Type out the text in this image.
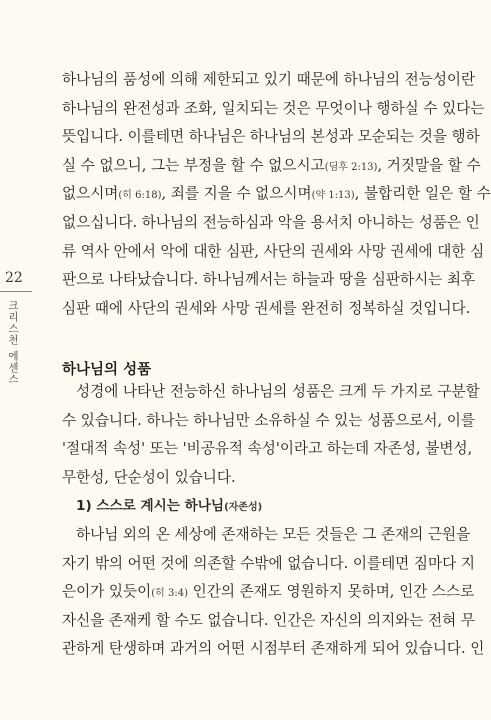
22
크리스천 에센스
하나님의 품성에 의해 제한되고 있기 때문에 하나님의 전능성이란
하나님의 완전성과 조화, 일치되는 것은 무엇이나 행하실 수 있다는
뜻입니다. 이를테면 하나님은 하나님의 본성과 모순되는 것을 행하
실 수 없으니, 그는 부정을 할 수 없으시고(딤후 2:13), 거짓말을 할 수
없으시며(히 6:18), 죄를 지을 수 없으시며(약 1:13), 불합리한 일은 할 수
없으십니다. 하나님의 전능하심과 악을 용서치 아니하는 성품은 인
류 역사 안에서 악에 대한 심판, 사단의 권세와 사망 권세에 대한 심
판으로 나타났습니다. 하나님께서는 하늘과 땅을 심판하시는 최후
심판 때에 사단의 권세와 사망 권세를 완전히 정복하실 것입니다.
하나님의 성품
성경에 나타난 전능하신 하나님의 성품은 크게 두 가지로 구분할
수 있습니다. 하나는 하나님만 소유하실 수 있는 성품으로서, 이를
'절대적 속성' 또는 '비공유적 속성'이라고 하는데 자존성, 불변성,
무한성, 단순성이 있습니다.
1) 스스로 계시는 하나님(자존성)
하나님 외의 온 세상에 존재하는 모든 것들은 그 존재의 근원을
자기 밖의 어떤 것에 의존할 수밖에 없습니다. 이를테면 짐마다 지
은이가 있듯이(히 3:4) 인간의 존재도 영원하지 못하며, 인간 스스로
자신을 존재케 할 수도 없습니다. 인간은 자신의 의지와는 전혀 무
관하게 탄생하며 과거의 어떤 시점부터 존재하게 되어 있습니다. 인
